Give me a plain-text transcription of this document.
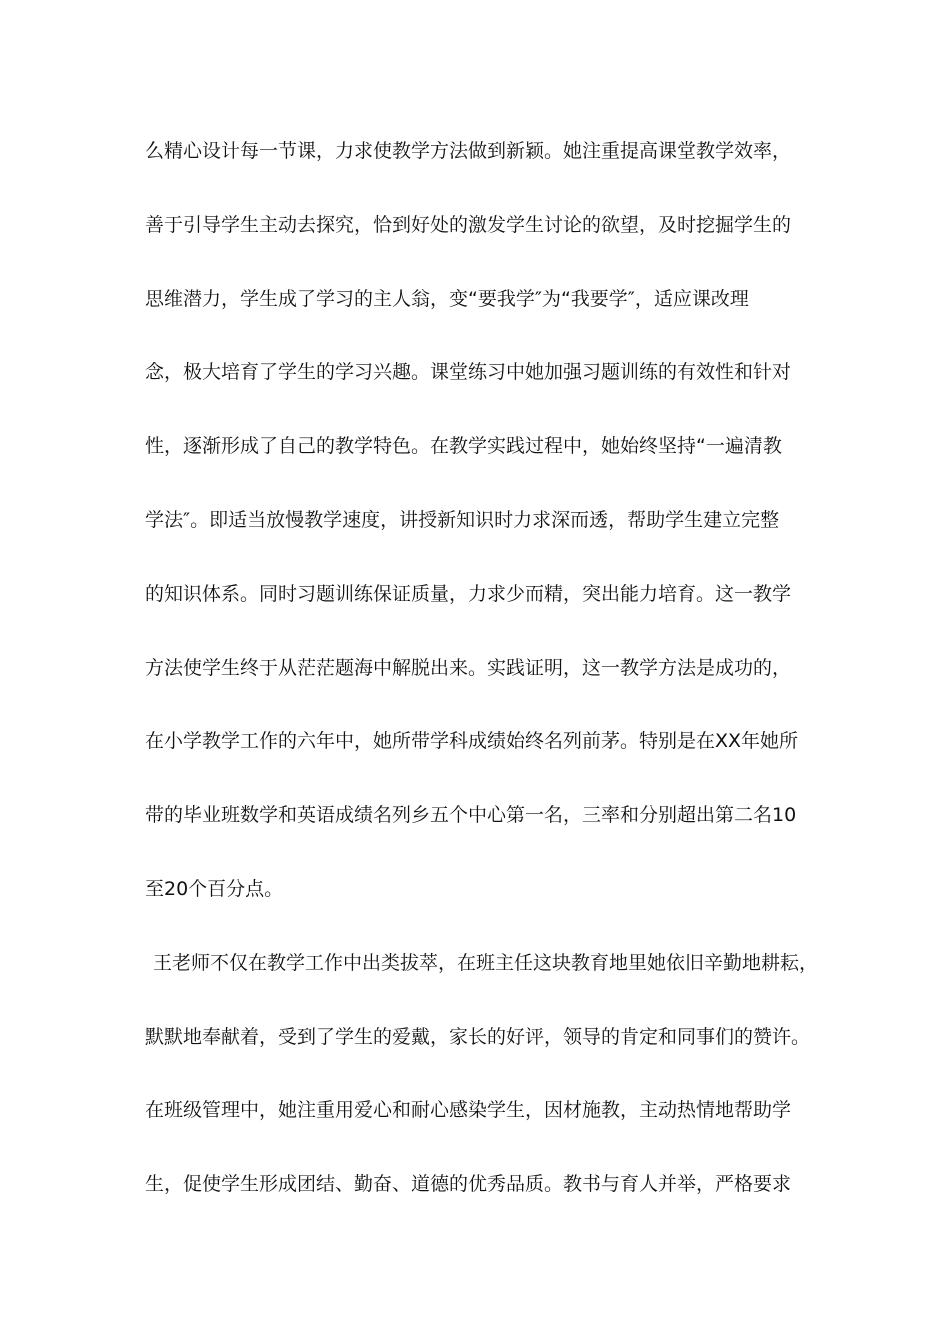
么精心设计每一节课，力求使教学方法做到新颖。她注重提高课堂教学效率，
善于引导学生主动去探究，恰到好处的激发学生讨论的欲望，及时挖掘学生的
思维潜力，学生成了学习的主人翁，变“要我学″为“我要学″，适应课改理
念，极大培育了学生的学习兴趣。课堂练习中她加强习题训练的有效性和针对
性，逐渐形成了自己的教学特色。在教学实践过程中，她始终坚持“一遍清教
学法″。即适当放慢教学速度，讲授新知识时力求深而透，帮助学生建立完整
的知识体系。同时习题训练保证质量，力求少而精，突出能力培育。这一教学
方法使学生终于从茫茫题海中解脱出来。实践证明，这一教学方法是成功的，
在小学教学工作的六年中，她所带学科成绩始终名列前茅。特别是在XX年她所
带的毕业班数学和英语成绩名列乡五个中心第一名，三率和分别超出第二名10
至20个百分点。
王老师不仅在教学工作中出类拔萃，在班主任这块教育地里她依旧辛勤地耕耘，
默默地奉献着，受到了学生的爱戴，家长的好评，领导的肯定和同事们的赞许。
在班级管理中，她注重用爱心和耐心感染学生，因材施教，主动热情地帮助学
生，促使学生形成团结、勤奋、道德的优秀品质。教书与育人并举，严格要求
